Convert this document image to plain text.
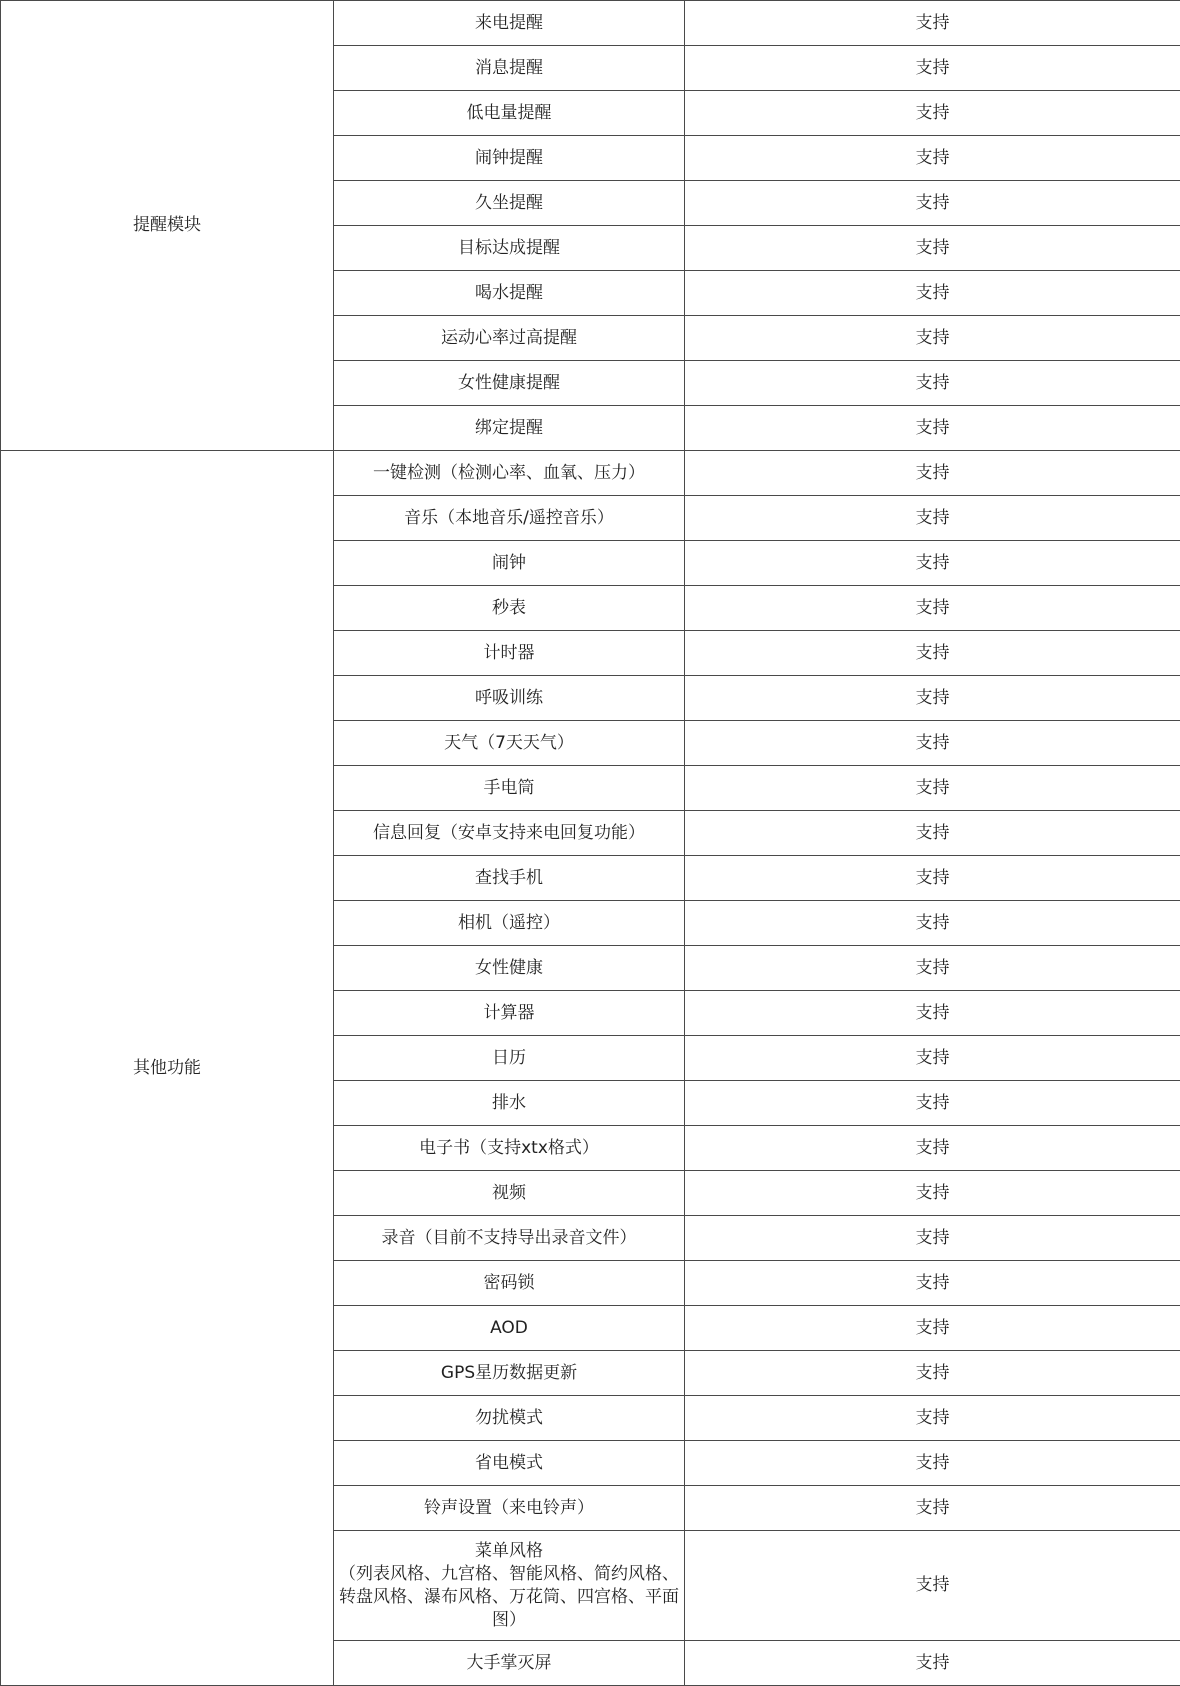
提醒模块	来电提醒	支持
	消息提醒	支持
	低电量提醒	支持
	闹钟提醒	支持
	久坐提醒	支持
	目标达成提醒	支持
	喝水提醒	支持
	运动心率过高提醒	支持
	女性健康提醒	支持
	绑定提醒	支持
其他功能	一键检测（检测心率、血氧、压力）	支持
	音乐（本地音乐/遥控音乐）	支持
	闹钟	支持
	秒表	支持
	计时器	支持
	呼吸训练	支持
	天气（7天天气）	支持
	手电筒	支持
	信息回复（安卓支持来电回复功能）	支持
	查找手机	支持
	相机（遥控）	支持
	女性健康	支持
	计算器	支持
	日历	支持
	排水	支持
	电子书（支持xtx格式）	支持
	视频	支持
	录音（目前不支持导出录音文件）	支持
	密码锁	支持
	AOD	支持
	GPS星历数据更新	支持
	勿扰模式	支持
	省电模式	支持
	铃声设置（来电铃声）	支持

	菜单风格
（列表风格、九宫格、智能风格、简约风格、
转盘风格、瀑布风格、万花筒、四宫格、平面
图）	支持
	大手掌灭屏	支持
